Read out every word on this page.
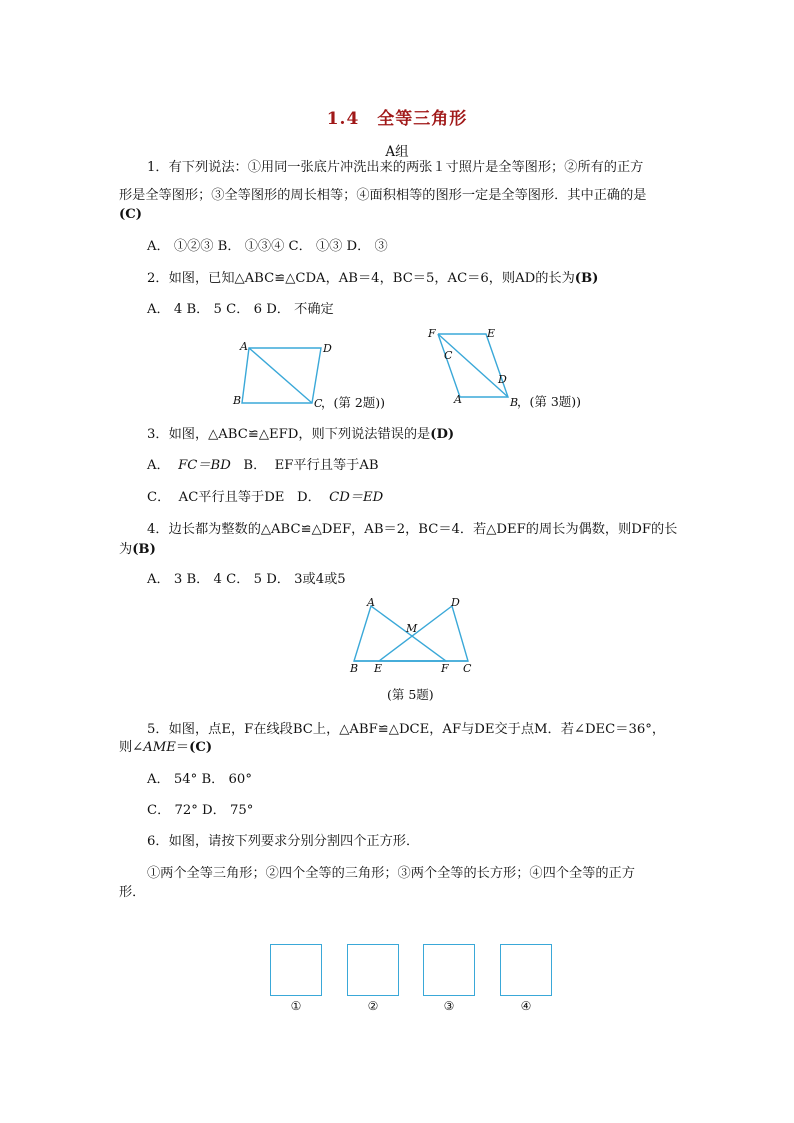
1.4　全等三角形
A组
1．有下列说法：①用同一张底片冲洗出来的两张１寸照片是全等图形；②所有的正方
形是全等图形；③全等图形的周长相等；④面积相等的图形一定是全等图形．其中正确的是
(C)
A． ①②③ B． ①③④ C． ①③ D． ③
2．如图，已知△ABC≌△CDA，AB＝4，BC＝5，AC＝6，则AD的长为(B)
A． 4 B． 5 C． 6 D． 不确定
A	D
B	C
，(第 2题))
F	E
C
D
A	B
，(第 3题))
3．如图，△ABC≌△EFD，则下列说法错误的是(D)
A．  FC＝BD   B．  EF平行且等于AB
C．  AC平行且等于DE   D．  CD＝ED
4．边长都为整数的△ABC≌△DEF，AB＝2，BC＝4．若△DEF的周长为偶数，则DF的长
为(B)
A． 3 B． 4 C． 5 D． 3或4或5
A	D
M
B E	F C
(第 5题)
5．如图，点E，F在线段BC上，△ABF≌△DCE，AF与DE交于点M．若∠DEC＝36°，
则∠AME＝(C)
A． 54° B． 60°
C． 72° D． 75°
6．如图，请按下列要求分别分割四个正方形．
①两个全等三角形；②四个全等的三角形；③两个全等的长方形；④四个全等的正方
形．
①	②	③	④
